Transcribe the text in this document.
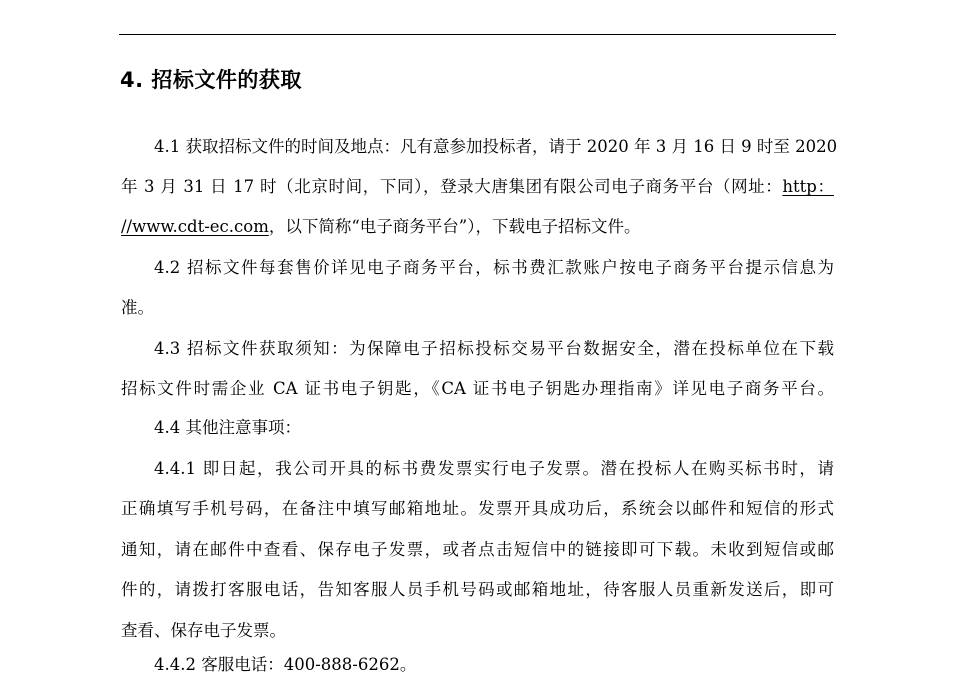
4. 招标文件的获取
4.1 获取招标文件的时间及地点：凡有意参加投标者，请于 2020 年 3 月 16 日 9 时至 2020
年 3 月 31 日 17 时（北京时间，下同），登录大唐集团有限公司电子商务平台（网址：http：
//www.cdt-ec.com，以下简称“电子商务平台”），下载电子招标文件。
4.2 招标文件每套售价详见电子商务平台，标书费汇款账户按电子商务平台提示信息为
准。
4.3 招标文件获取须知：为保障电子招标投标交易平台数据安全，潜在投标单位在下载
招标文件时需企业 CA 证书电子钥匙，《CA 证书电子钥匙办理指南》详见电子商务平台。
4.4 其他注意事项：
4.4.1 即日起，我公司开具的标书费发票实行电子发票。潜在投标人在购买标书时，请
正确填写手机号码，在备注中填写邮箱地址。发票开具成功后，系统会以邮件和短信的形式
通知，请在邮件中查看、保存电子发票，或者点击短信中的链接即可下载。未收到短信或邮
件的，请拨打客服电话，告知客服人员手机号码或邮箱地址，待客服人员重新发送后，即可
查看、保存电子发票。
4.4.2 客服电话：400-888-6262。
